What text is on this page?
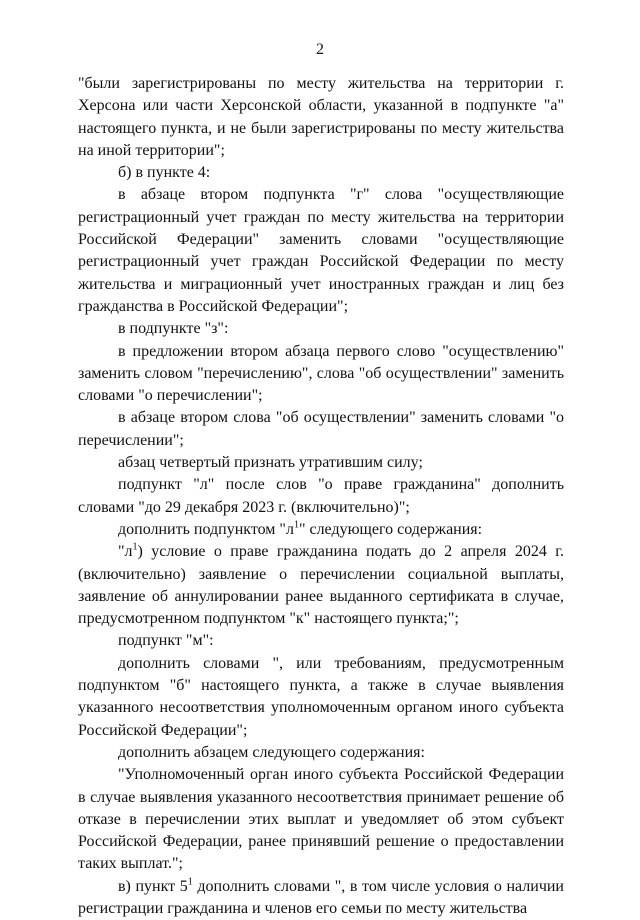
2

"были зарегистрированы по месту жительства на территории г. Херсона или части Херсонской области, указанной в подпункте "а" настоящего пункта, и не были зарегистрированы по месту жительства на иной территории";

б) в пункте 4:

в абзаце втором подпункта "г" слова "осуществляющие регистрационный учет граждан по месту жительства на территории Российской Федерации" заменить словами "осуществляющие регистрационный учет граждан Российской Федерации по месту жительства и миграционный учет иностранных граждан и лиц без гражданства в Российской Федерации";

в подпункте "з":

в предложении втором абзаца первого слово "осуществлению" заменить словом "перечислению", слова "об осуществлении" заменить словами "о перечислении";

в абзаце втором слова "об осуществлении" заменить словами "о перечислении";

абзац четвертый признать утратившим силу;

подпункт "л" после слов "о праве гражданина" дополнить словами "до 29 декабря 2023 г. (включительно)";

дополнить подпунктом "$л^1$" следующего содержания:

"$л^1$) условие о праве гражданина подать до 2 апреля 2024 г. (включительно) заявление о перечислении социальной выплаты, заявление об аннулировании ранее выданного сертификата в случае, предусмотренном подпунктом "к" настоящего пункта;";

подпункт "м":

дополнить словами ", или требованиям, предусмотренным подпунктом "б" настоящего пункта, а также в случае выявления указанного несоответствия уполномоченным органом иного субъекта Российской Федерации";

дополнить абзацем следующего содержания:

"Уполномоченный орган иного субъекта Российской Федерации в случае выявления указанного несоответствия принимает решение об отказе в перечислении этих выплат и уведомляет об этом субъект Российской Федерации, ранее принявший решение о предоставлении таких выплат.";

в) пункт $5^1$ дополнить словами ", в том числе условия о наличии регистрации гражданина и членов его семьи по месту жительства
